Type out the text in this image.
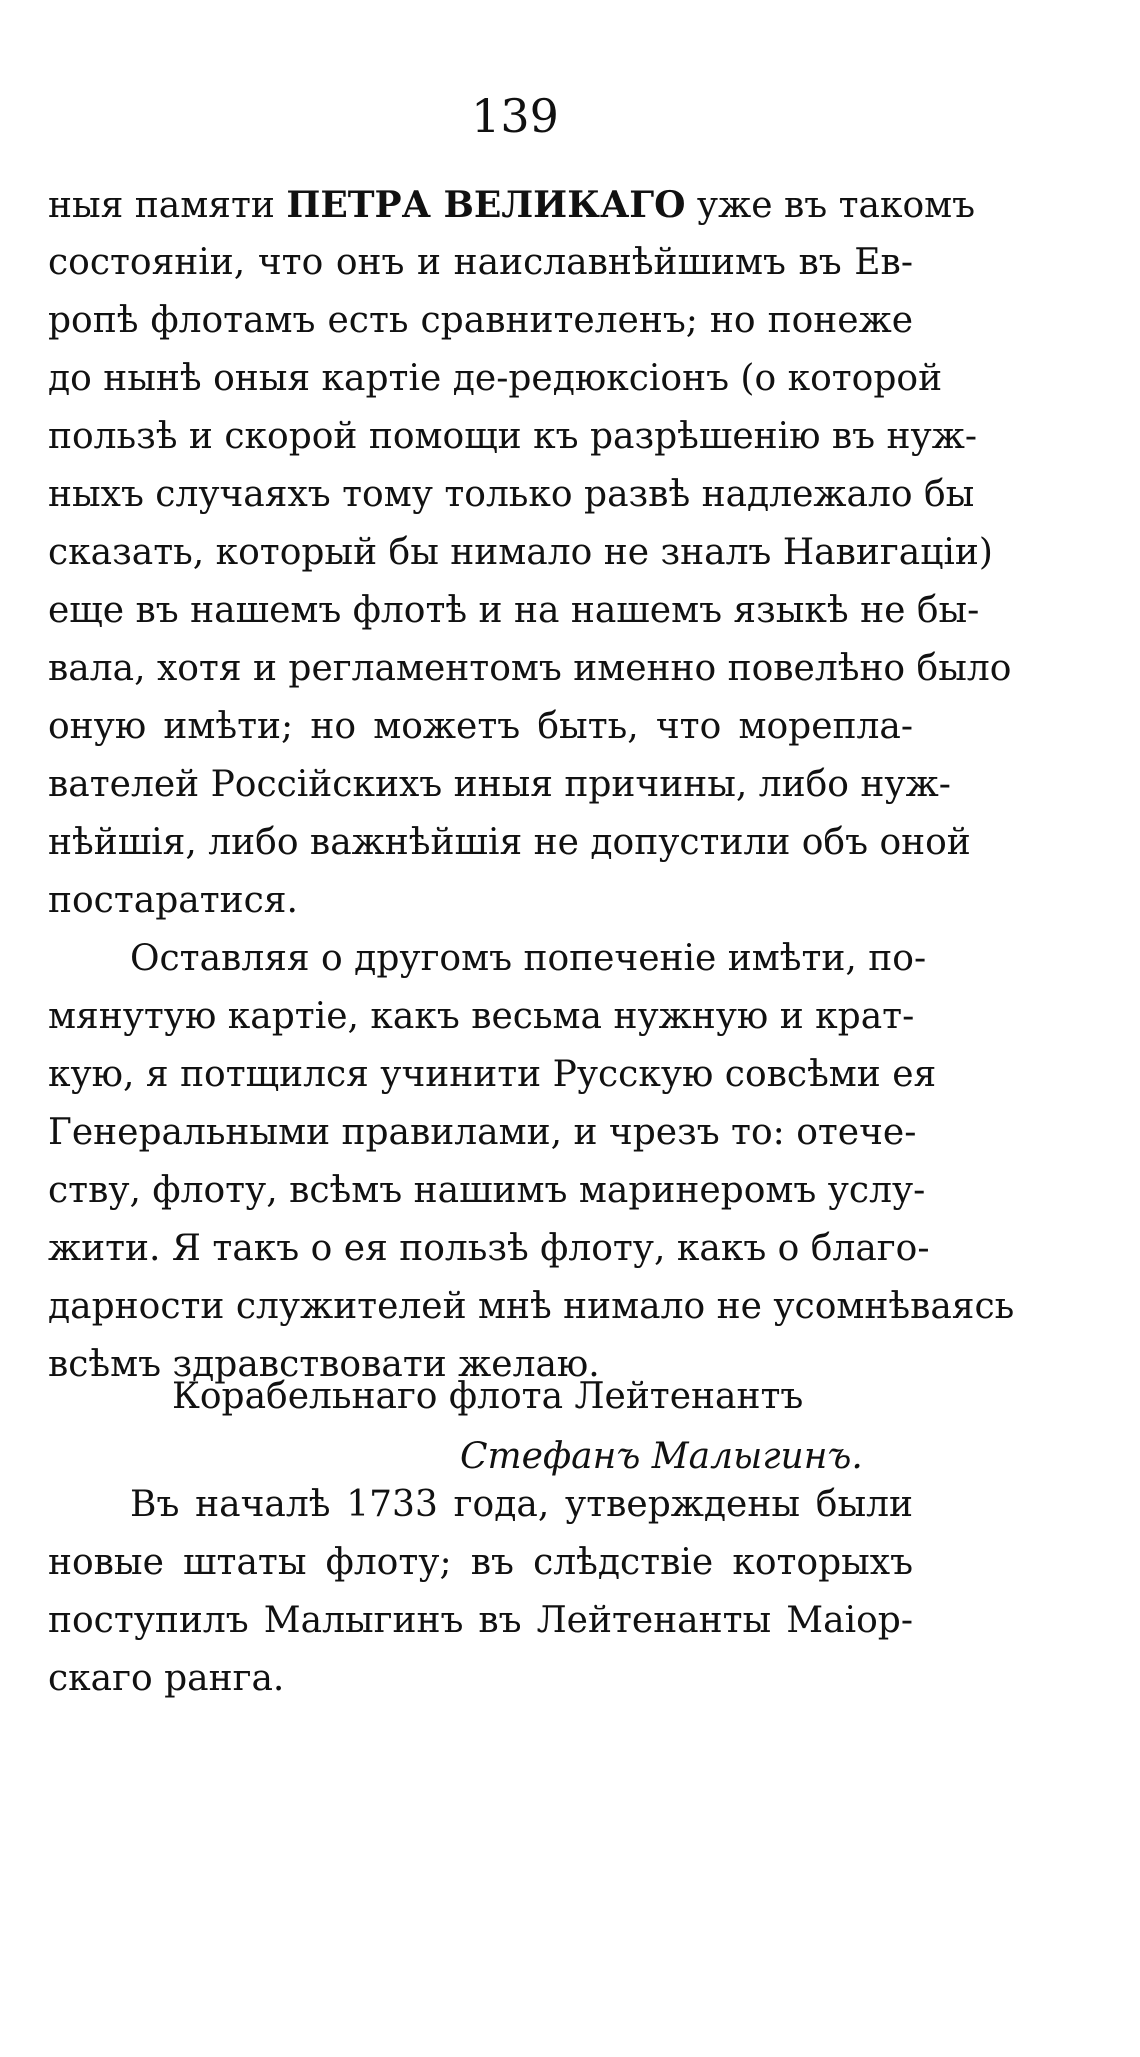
139
ныя памяти ПЕТРА ВЕЛИКАГО уже въ такомъ
состояніи, что онъ и наиславнѣйшимъ въ Ев-
ропѣ флотамъ есть сравнителенъ; но понеже
до нынѣ оныя картіе де-редюксіонъ (о которой
пользѣ и скорой помощи къ разрѣшенію въ нуж-
ныхъ случаяхъ тому только развѣ надлежало бы
сказать, который бы нимало не зналъ Навигаціи)
еще въ нашемъ флотѣ и на нашемъ языкѣ не бы-
вала, хотя и регламентомъ именно повелѣно было
оную имѣти; но можетъ быть, что морепла-
вателей Россійскихъ иныя причины, либо нуж-
нѣйшія, либо важнѣйшія не допустили объ оной
постаратися.
Оставляя о другомъ попеченіе имѣти, по-
мянутую картіе, какъ весьма нужную и крат-
кую, я потщился учинити Русскую совсѣми ея
Генеральными правилами, и чрезъ то: отече-
ству, флоту, всѣмъ нашимъ маринеромъ услу-
жити. Я такъ о ея пользѣ флоту, какъ о благо-
дарности служителей мнѣ нимало не усомнѣваясь
всѣмъ здравствовати желаю.
Корабельнаго флота Лейтенантъ
Стефанъ Малыгинъ.
Въ началѣ 1733 года, утверждены были
новые штаты флоту; въ слѣдствіе которыхъ
поступилъ Малыгинъ въ Лейтенанты Маіор-
скаго ранга.
